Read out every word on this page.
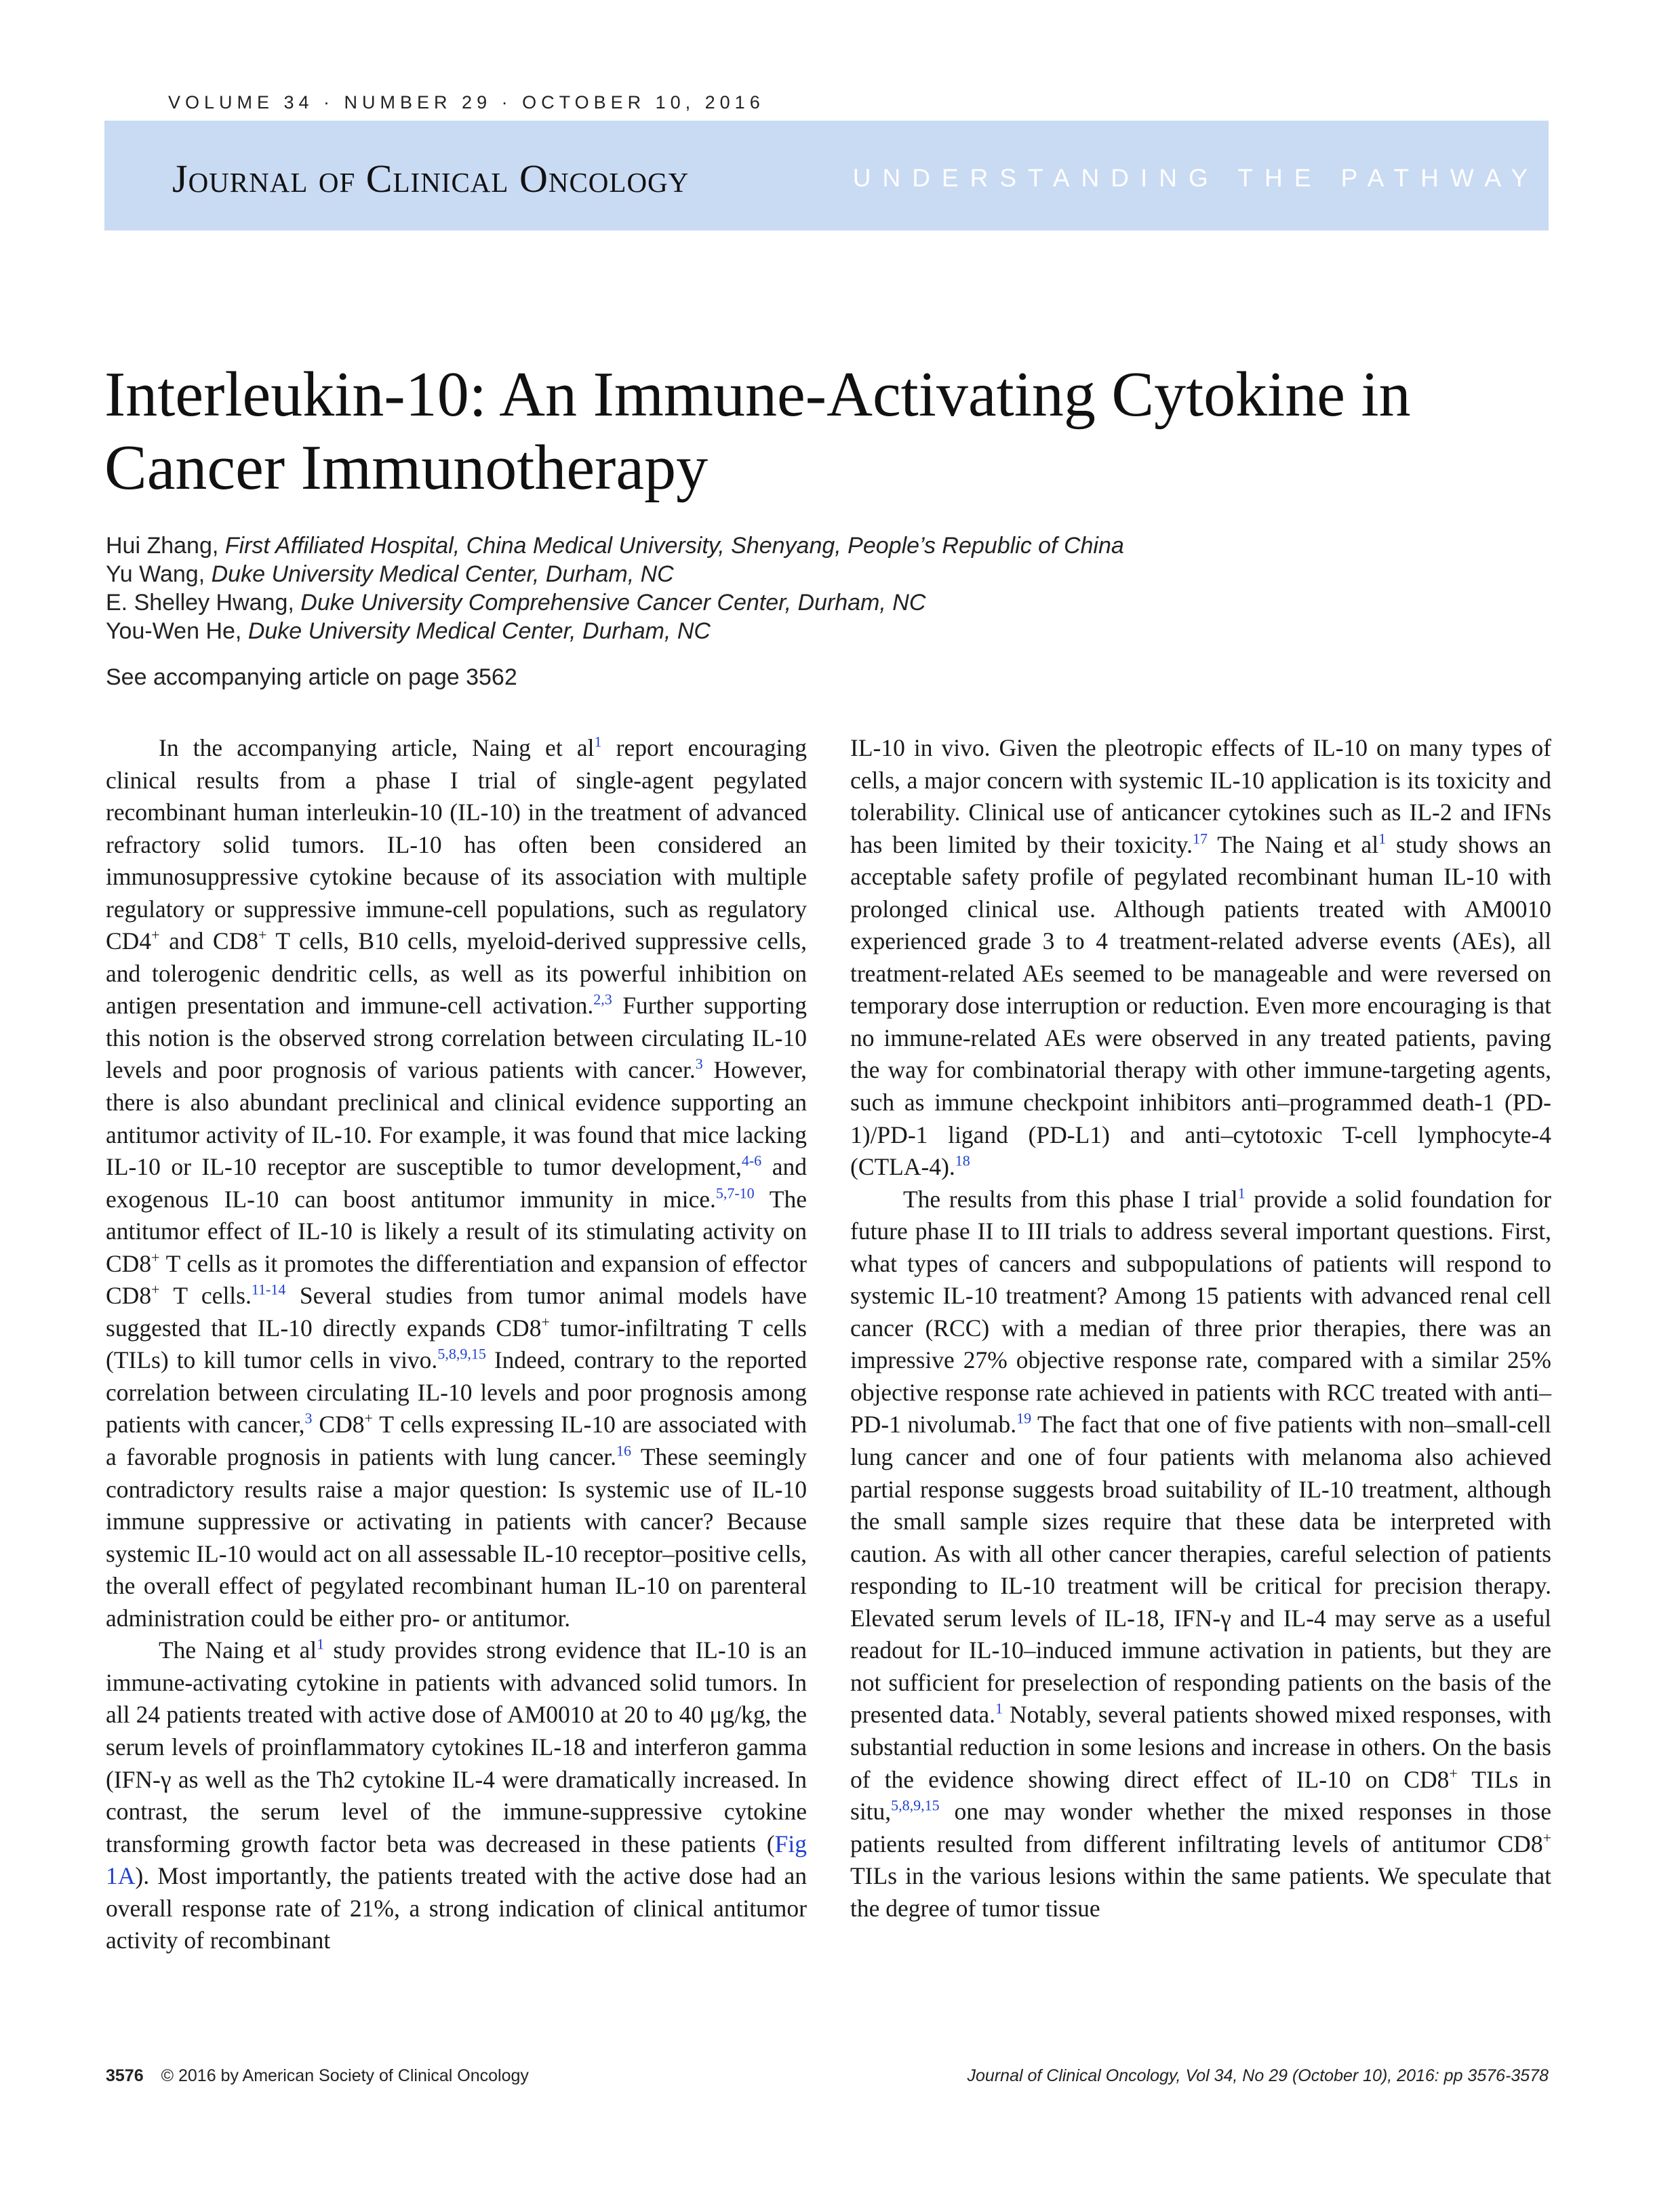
VOLUME 34 · NUMBER 29 · OCTOBER 10, 2016
Journal of Clinical Oncology	UNDERSTANDING THE PATHWAY
Interleukin-10: An Immune-Activating Cytokine in Cancer Immunotherapy
Hui Zhang, First Affiliated Hospital, China Medical University, Shenyang, People’s Republic of China
Yu Wang, Duke University Medical Center, Durham, NC
E. Shelley Hwang, Duke University Comprehensive Cancer Center, Durham, NC
You-Wen He, Duke University Medical Center, Durham, NC
See accompanying article on page 3562

In the accompanying article, Naing et al$^1$ report encouraging clinical results from a phase I trial of single-agent pegylated recombinant human interleukin-10 (IL-10) in the treatment of advanced refractory solid tumors. IL-10 has often been considered an immunosuppressive cytokine because of its association with multiple regulatory or suppressive immune-cell populations, such as regulatory CD4+ and CD8+ T cells, B10 cells, myeloid-derived suppressive cells, and tolerogenic dendritic cells, as well as its powerful inhibition on antigen presentation and immune-cell activation.$^{2,3}$ Further supporting this notion is the observed strong correlation between circulating IL-10 levels and poor prognosis of various patients with cancer.$^3$ However, there is also abundant preclinical and clinical evidence supporting an antitumor activity of IL-10. For example, it was found that mice lacking IL-10 or IL-10 receptor are susceptible to tumor development,$^{4-6}$ and exogenous IL-10 can boost antitumor immunity in mice.$^{5,7-10}$ The antitumor effect of IL-10 is likely a result of its stimulating activity on CD8+ T cells as it promotes the differentiation and expansion of effector CD8+ T cells.$^{11-14}$ Several studies from tumor animal models have suggested that IL-10 directly expands CD8+ tumor-infiltrating T cells (TILs) to kill tumor cells in vivo.$^{5,8,9,15}$ Indeed, contrary to the reported correlation between circulating IL-10 levels and poor prognosis among patients with cancer,$^3$ CD8+ T cells expressing IL-10 are associated with a favorable prognosis in patients with lung cancer.$^{16}$ These seemingly contradictory results raise a major question: Is systemic use of IL-10 immune suppressive or activating in patients with cancer? Because systemic IL-10 would act on all assessable IL-10 receptor–positive cells, the overall effect of pegylated recombinant human IL-10 on parenteral administration could be either pro- or antitumor.

The Naing et al$^1$ study provides strong evidence that IL-10 is an immune-activating cytokine in patients with advanced solid tumors. In all 24 patients treated with active dose of AM0010 at 20 to 40 μg/kg, the serum levels of proinflammatory cytokines IL-18 and interferon gamma (IFN-γ as well as the Th2 cytokine IL-4 were dramatically increased. In contrast, the serum level of the immune-suppressive cytokine transforming growth factor beta was decreased in these patients (Fig 1A). Most importantly, the patients treated with the active dose had an overall response rate of 21%, a strong indication of clinical antitumor activity of recombinant

IL-10 in vivo. Given the pleotropic effects of IL-10 on many types of cells, a major concern with systemic IL-10 application is its toxicity and tolerability. Clinical use of anticancer cytokines such as IL-2 and IFNs has been limited by their toxicity.$^{17}$ The Naing et al$^1$ study shows an acceptable safety profile of pegylated recombinant human IL-10 with prolonged clinical use. Although patients treated with AM0010 experienced grade 3 to 4 treatment-related adverse events (AEs), all treatment-related AEs seemed to be manageable and were reversed on temporary dose interruption or reduction. Even more encouraging is that no immune-related AEs were observed in any treated patients, paving the way for combinatorial therapy with other immune-targeting agents, such as immune checkpoint inhibitors anti–programmed death-1 (PD-1)/PD-1 ligand (PD-L1) and anti–cytotoxic T-cell lymphocyte-4 (CTLA-4).$^{18}$

The results from this phase I trial$^1$ provide a solid foundation for future phase II to III trials to address several important questions. First, what types of cancers and subpopulations of patients will respond to systemic IL-10 treatment? Among 15 patients with advanced renal cell cancer (RCC) with a median of three prior therapies, there was an impressive 27% objective response rate, compared with a similar 25% objective response rate achieved in patients with RCC treated with anti–PD-1 nivolumab.$^{19}$ The fact that one of five patients with non–small-cell lung cancer and one of four patients with melanoma also achieved partial response suggests broad suitability of IL-10 treatment, although the small sample sizes require that these data be interpreted with caution. As with all other cancer therapies, careful selection of patients responding to IL-10 treatment will be critical for precision therapy. Elevated serum levels of IL-18, IFN-γ and IL-4 may serve as a useful readout for IL-10–induced immune activation in patients, but they are not sufficient for preselection of responding patients on the basis of the presented data.$^1$ Notably, several patients showed mixed responses, with substantial reduction in some lesions and increase in others. On the basis of the evidence showing direct effect of IL-10 on CD8+ TILs in situ,$^{5,8,9,15}$ one may wonder whether the mixed responses in those patients resulted from different infiltrating levels of antitumor CD8+ TILs in the various lesions within the same patients. We speculate that the degree of tumor tissue

3576 © 2016 by American Society of Clinical Oncology	Journal of Clinical Oncology, Vol 34, No 29 (October 10), 2016: pp 3576-3578
